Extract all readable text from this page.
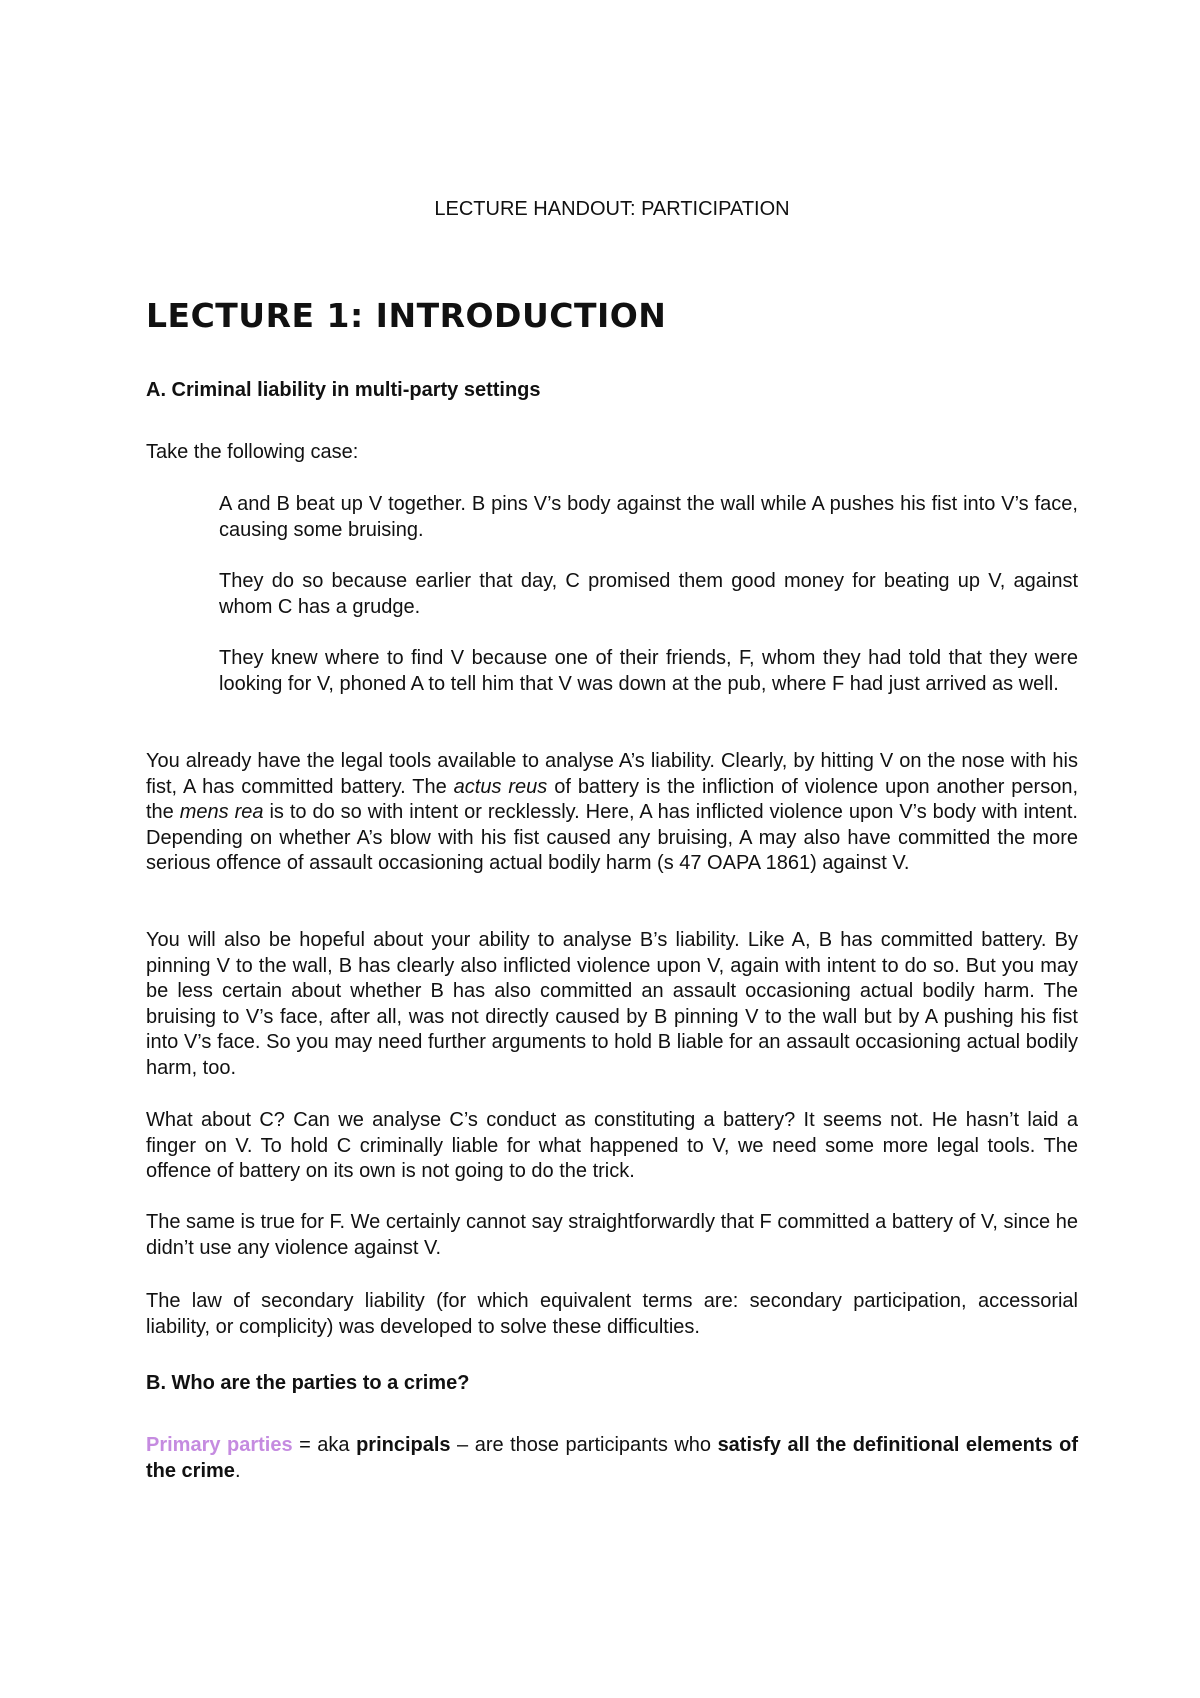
LECTURE HANDOUT: PARTICIPATION
LECTURE 1: INTRODUCTION
A. Criminal liability in multi-party settings

Take the following case:

A and B beat up V together. B pins V’s body against the wall while A pushes his fist into V’s face, causing some bruising.

They do so because earlier that day, C promised them good money for beating up V, against whom C has a grudge.

They knew where to find V because one of their friends, F, whom they had told that they were looking for V, phoned A to tell him that V was down at the pub, where F had just arrived as well.

You already have the legal tools available to analyse A’s liability. Clearly, by hitting V on the nose with his fist, A has committed battery. The actus reus of battery is the infliction of violence upon another person, the mens rea is to do so with intent or recklessly. Here, A has inflicted violence upon V’s body with intent. Depending on whether A’s blow with his fist caused any bruising, A may also have committed the more serious offence of assault occasioning actual bodily harm (s 47 OAPA 1861) against V.

You will also be hopeful about your ability to analyse B’s liability. Like A, B has committed battery. By pinning V to the wall, B has clearly also inflicted violence upon V, again with intent to do so. But you may be less certain about whether B has also committed an assault occasioning actual bodily harm. The bruising to V’s face, after all, was not directly caused by B pinning V to the wall but by A pushing his fist into V’s face. So you may need further arguments to hold B liable for an assault occasioning actual bodily harm, too.

What about C? Can we analyse C’s conduct as constituting a battery? It seems not. He hasn’t laid a finger on V. To hold C criminally liable for what happened to V, we need some more legal tools. The offence of battery on its own is not going to do the trick.

The same is true for F. We certainly cannot say straightforwardly that F committed a battery of V, since he didn’t use any violence against V.

The law of secondary liability (for which equivalent terms are: secondary participation, accessorial liability, or complicity) was developed to solve these difficulties.

B. Who are the parties to a crime?

Primary parties = aka principals – are those participants who satisfy all the definitional elements of the crime.
